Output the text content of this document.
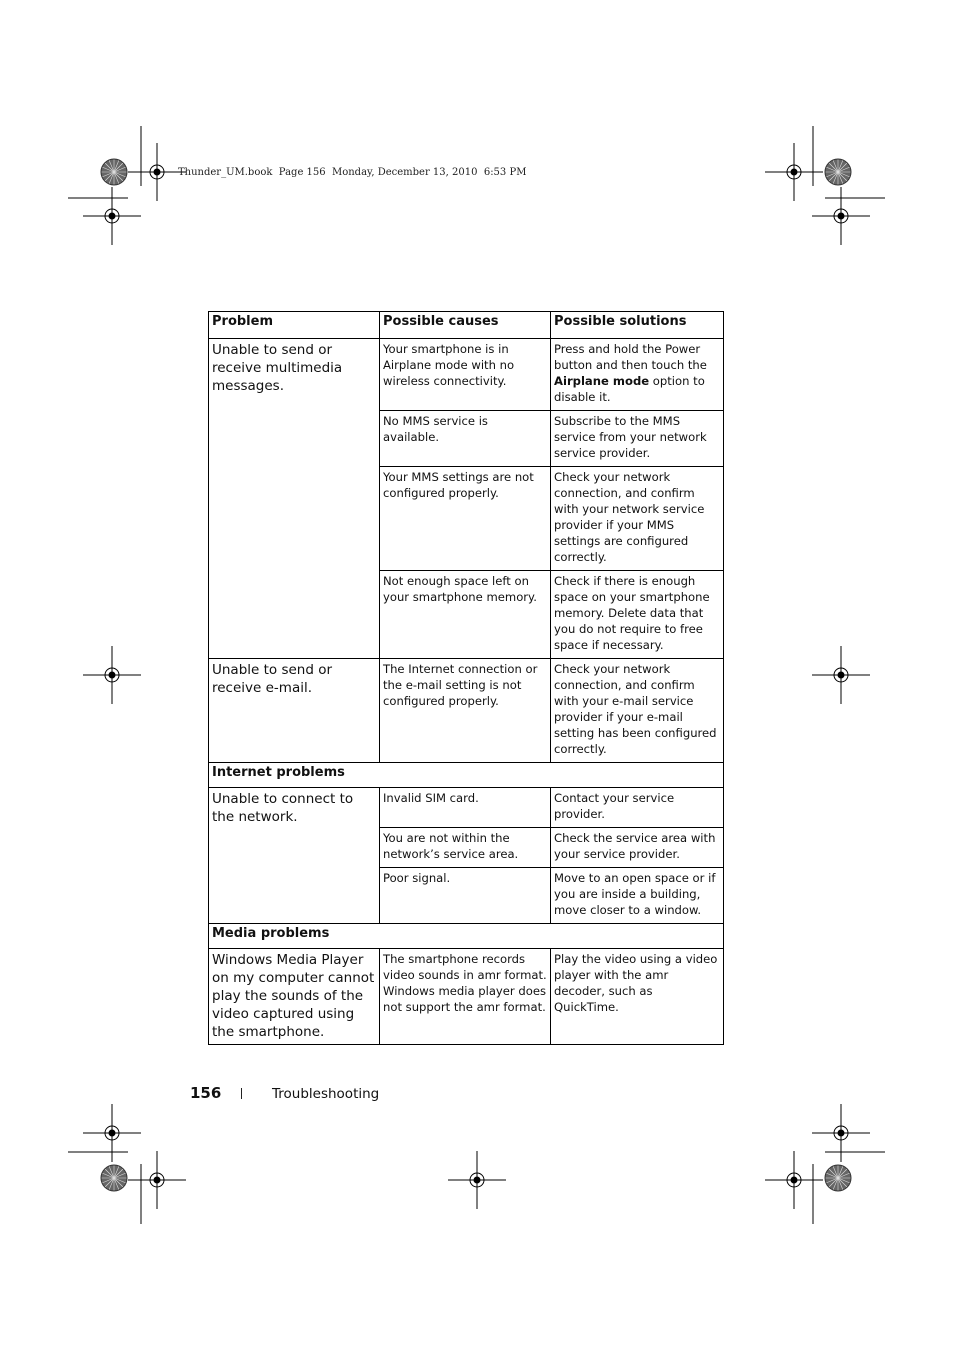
Thunder_UM.book  Page 156  Monday, December 13, 2010  6:53 PM
Problem	Possible causes	Possible solutions
Unable to send or receive multimedia messages.	Your smartphone is in Airplane mode with no wireless connectivity.	Press and hold the Power button and then touch the Airplane mode option to disable it.
	No MMS service is available.	Subscribe to the MMS service from your network service provider.
	Your MMS settings are not configured properly.	Check your network connection, and confirm with your network service provider if your MMS settings are configured correctly.
	Not enough space left on your smartphone memory.	Check if there is enough space on your smartphone memory. Delete data that you do not require to free space if necessary.
Unable to send or receive e-mail.	The Internet connection or the e-mail setting is not configured properly.	Check your network connection, and confirm with your e-mail service provider if your e-mail setting has been configured correctly.
Internet problems		
Unable to connect to the network.	Invalid SIM card.	Contact your service provider.
	You are not within the network’s service area.	Check the service area with your service provider.
	Poor signal.	Move to an open space or if you are inside a building, move closer to a window.
Media problems		
Windows Media Player on my computer cannot play the sounds of the video captured using the smartphone.	The smartphone records video sounds in amr format. Windows media player does not support the amr format.	Play the video using a video player with the amr decoder, such as QuickTime.
156	Troubleshooting
